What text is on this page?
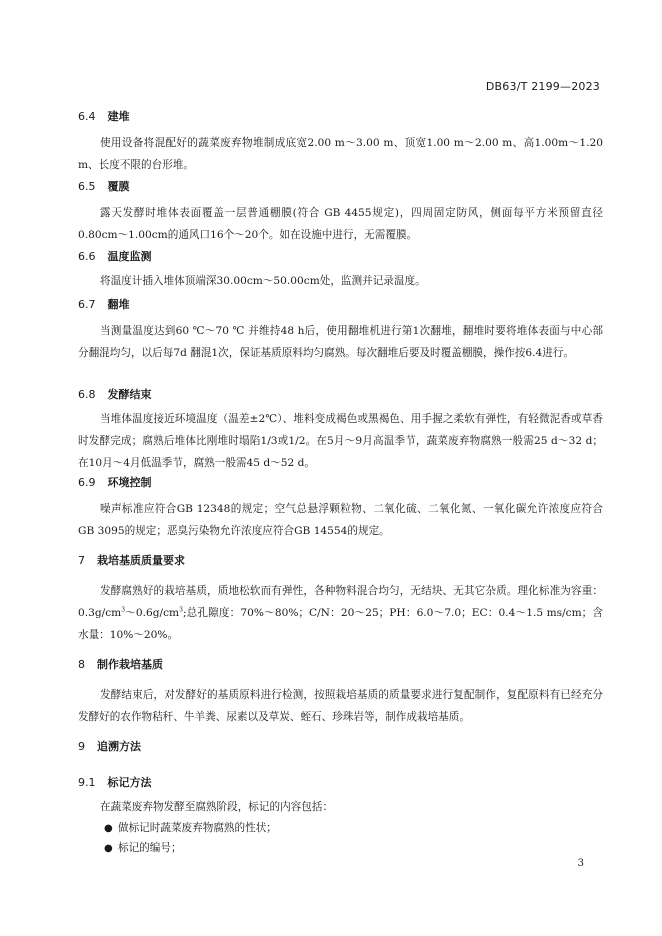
DB63/T 2199—2023
6.4 建堆
使用设备将混配好的蔬菜废弃物堆制成底宽2.00 m～3.00 m、顶宽1.00 m～2.00 m、高1.00m～1.20 m、长度不限的台形堆。
6.5 覆膜
露天发酵时堆体表面覆盖一层普通棚膜(符合 GB 4455规定)，四周固定防风，侧面每平方米预留直径0.80cm～1.00cm的通风口16个～20个。如在设施中进行，无需覆膜。
6.6 温度监测
将温度计插入堆体顶端深30.00cm～50.00cm处，监测并记录温度。
6.7 翻堆
当测量温度达到60 ℃～70 ℃ 并维持48 h后，使用翻堆机进行第1次翻堆，翻堆时要将堆体表面与中心部分翻混均匀，以后每7d 翻混1次，保证基质原料均匀腐熟。每次翻堆后要及时覆盖棚膜，操作按6.4进行。
6.8 发酵结束
当堆体温度接近环境温度（温差±2℃）、堆料变成褐色或黑褐色、用手握之柔软有弹性，有轻微泥香或草香时发酵完成；腐熟后堆体比刚堆时塌陷1/3或1/2。在5月～9月高温季节，蔬菜废弃物腐熟一般需25 d～32 d；在10月～4月低温季节，腐熟一般需45 d～52 d。
6.9 环境控制
噪声标准应符合GB 12348的规定；空气总悬浮颗粒物、二氧化硫、二氧化氮、一氧化碳允许浓度应符合GB 3095的规定；恶臭污染物允许浓度应符合GB 14554的规定。
7 栽培基质质量要求
发酵腐熟好的栽培基质，质地松软而有弹性，各种物料混合均匀，无结块、无其它杂质。理化标准为容重：$0.3g/cm^3\sim 0.6g/cm^3$;总孔隙度：70%～80%；C/N：20～25；PH：6.0～7.0；EC：0.4～1.5 ms/cm；含水量：10%～20%。
8 制作栽培基质
发酵结束后，对发酵好的基质原料进行检测，按照栽培基质的质量要求进行复配制作，复配原料有已经充分发酵好的农作物秸秆、牛羊粪、尿素以及草炭、蛭石、珍珠岩等，制作成栽培基质。
9 追溯方法
9.1 标记方法
在蔬菜废弃物发酵至腐熟阶段，标记的内容包括：
● 做标记时蔬菜废弃物腐熟的性状；
● 标记的编号；
3
